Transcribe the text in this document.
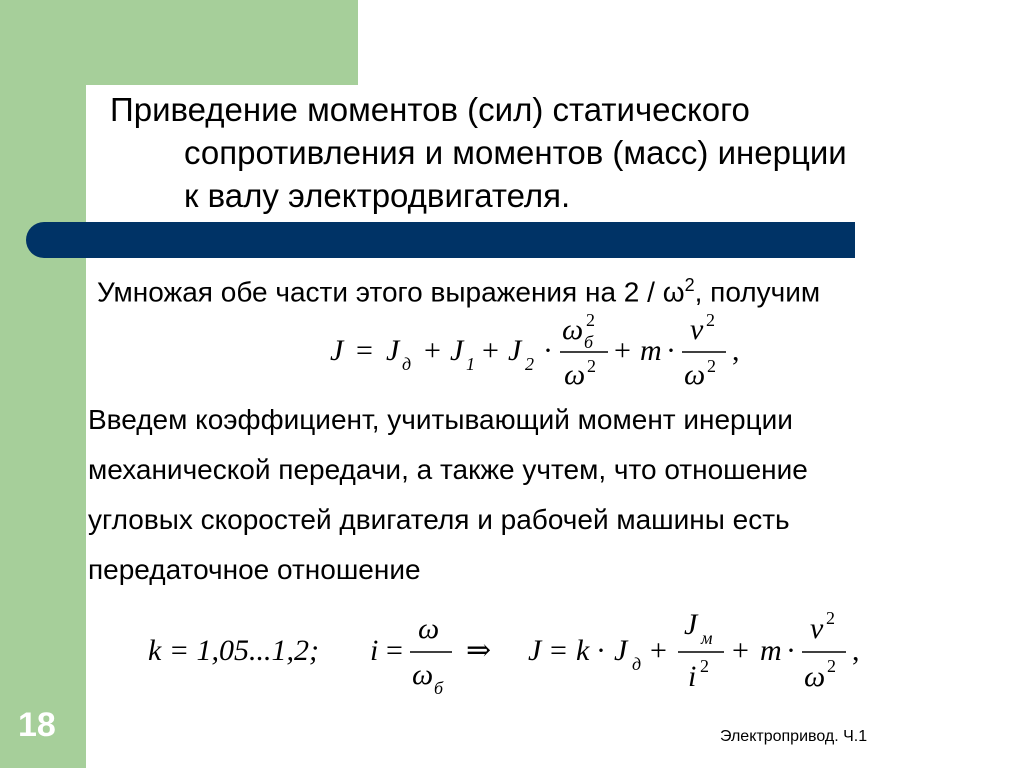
Приведение моментов (сил) статического
сопротивления и моментов (масс) инерции
к валу электродвигателя.
Умножая обе части этого выражения на $2 / \omega^2$, получим
J = J д + J 1 + J 2 ·
ω б
2
ω 2 + m ·
v 2
ω 2 ,
Введем коэффициент, учитывающий момент инерции
механической передачи, а также учтем, что отношение
угловых скоростей двигателя и рабочей машины есть
передаточное отношение
k = 1,05...1,2; i =
ω
ω б
⇒ J = k · J д +
J м
i 2 + m ·
v 2
ω 2 ,
18	Электропривод. Ч.1
